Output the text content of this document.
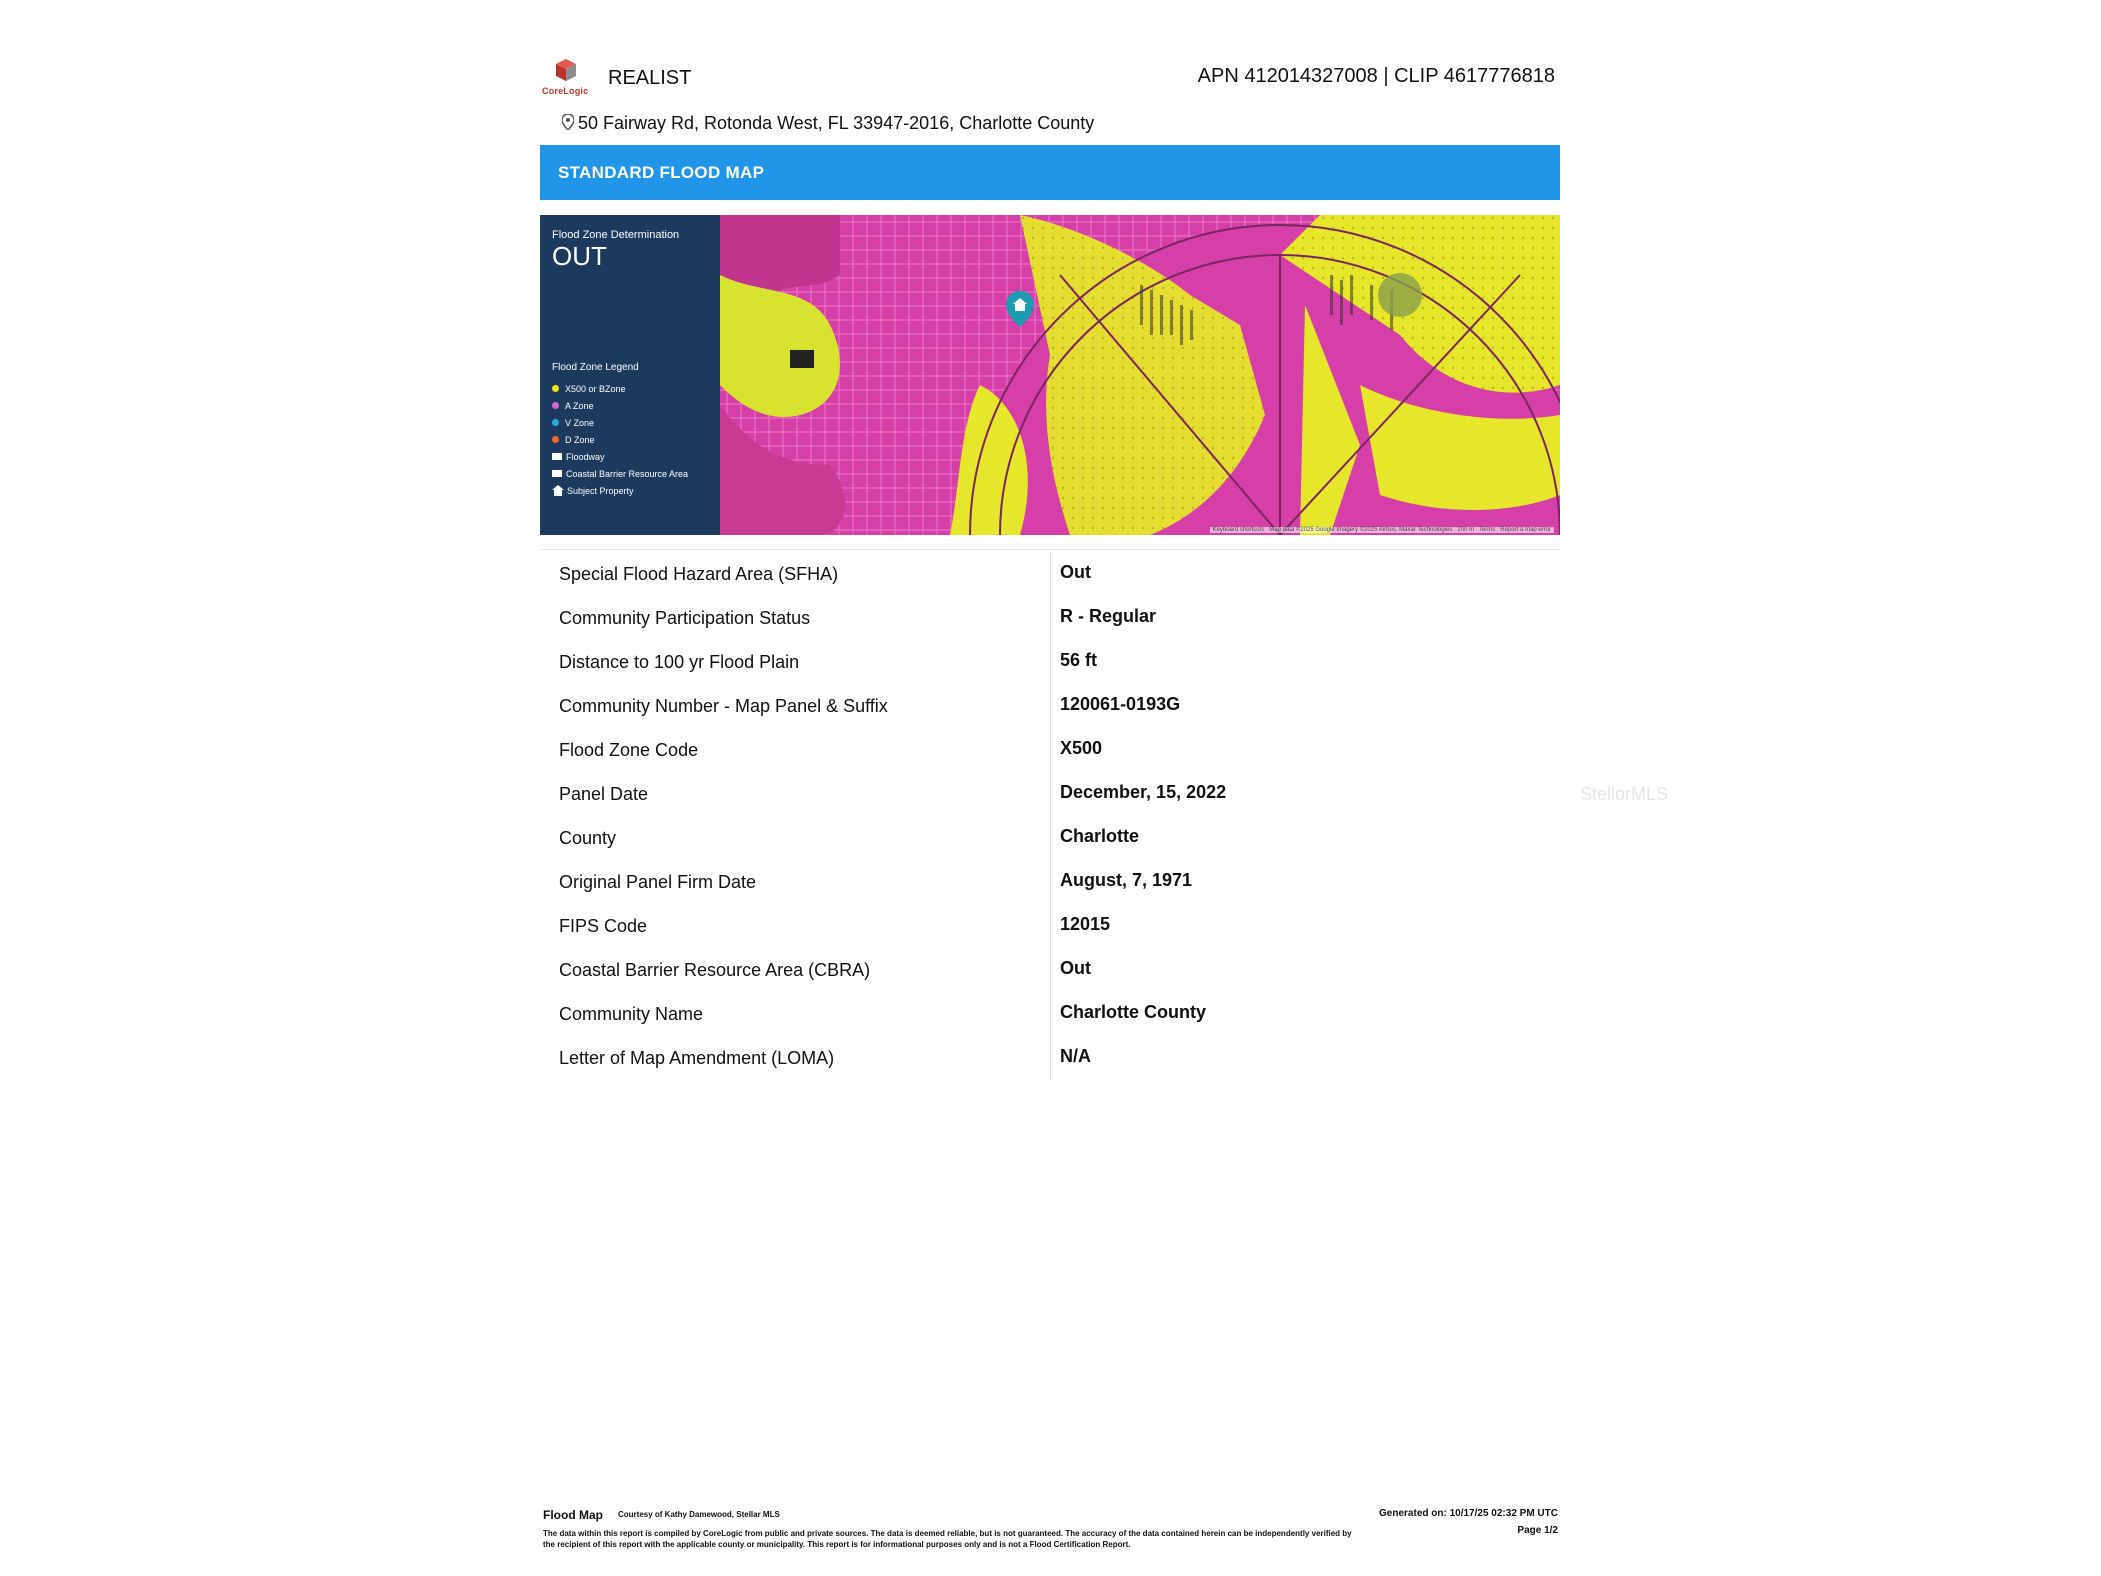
CoreLogic
REALIST	APN 412014327008 | CLIP 4617776818
50 Fairway Rd, Rotonda West, FL 33947-2016, Charlotte County
STANDARD FLOOD MAP
Flood Zone Determination
OUT
Flood Zone Legend
X500 or BZone
A Zone
V Zone
D Zone
Floodway
Coastal Barrier Resource Area
Subject Property
Keyboard shortcuts   Map data ©2025 Google Imagery ©2025 Airbus, Maxar Technologies   200 m   Terms   Report a map error
Special Flood Hazard Area (SFHA)	Out
Community Participation Status	R - Regular
Distance to 100 yr Flood Plain	56 ft
Community Number - Map Panel & Suffix	120061-0193G
Flood Zone Code	X500
Panel Date	December, 15, 2022
County	Charlotte
Original Panel Firm Date	August, 7, 1971
FIPS Code	12015
Coastal Barrier Resource Area (CBRA)	Out
Community Name	Charlotte County
Letter of Map Amendment (LOMA)	N/A
StellorMLS
Flood Map Courtesy of Kathy Damewood, Stellar MLS
The data within this report is compiled by CoreLogic from public and private sources. The data is deemed reliable, but is not guaranteed. The accuracy of the data contained herein can be independently verified by the recipient of this report with the applicable county or municipality. This report is for informational purposes only and is not a Flood Certification Report.
Generated on: 10/17/25 02:32 PM UTC
Page 1/2
